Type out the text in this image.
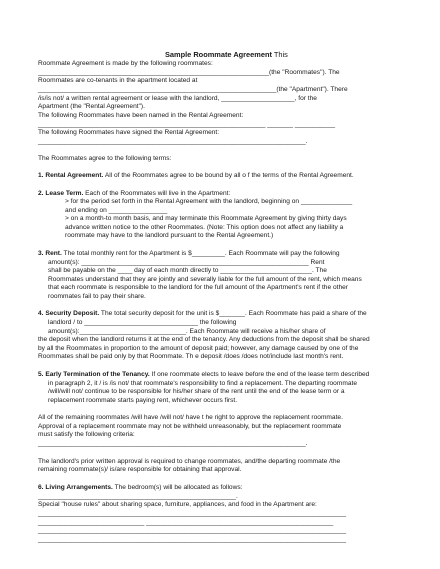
Sample Roommate Agreement This
Roommate Agreement is made by the following roommates:
_______________________________________________________________(the "Roommates"). The
Roommates are co-tenants in the apartment located at
_________________________________________________________________(the "Apartment"). There
/is/is not/ a written rental agreement or lease with the landlord, ____________________, for the
Apartment (the "Rental Agreement").
The following Roommates have been named in the Rental Agreement:
______________________________________________________________ _______ ___________
The following Roommates have signed the Rental Agreement:
_________________________________________________________________________.
The Roommates agree to the following terms:
1. Rental Agreement. All of the Roommates agree to be bound by all o f the terms of the Rental Agreement.
2. Lease Term. Each of the Roommates will live in the Apartment:
> for the period set forth in the Rental Agreement with the landlord, beginning on ______________
and ending on ________________
> on a month-to month basis, and may terminate this Roommate Agreement by giving thirty days
advance written notice to the other Roommates. (Note: This option does not affect any liability a
roommate may have to the landlord pursuant to the Rental Agreement.)
3. Rent. The total monthly rent for the Apartment is $_________. Each Roommate will pay the following
amount(s): ______________________________________________________________ Rent
shall be payable on the ____ day of each month directly to _________________________. The
Roommates understand that they are jointly and severally liable for the full amount of the rent, which means
that each roommate is responsible to the landlord for the full amount of the Apartment's rent if the other
roommates fail to pay their share.
4. Security Deposit. The total security deposit for the unit is $_______. Each Roommate has paid a share of the
landlord / to _______________________________ the following
amount(s):_____________________________. Each Roommate will receive a his/her share of
the deposit when the landlord returns it at the end of the tenancy. Any deductions from the deposit shall be shared
by all the Roommates in proportion to the amount of deposit paid; however, any damage caused by one of the
Roommates shall be paid only by that Roommate. Th e deposit /does /does not/include last month's rent.
5. Early Termination of the Tenancy. If one roommate elects to leave before the end of the lease term described
in paragraph 2, it / is /is not/ that roommate's responsibility to find a replacement. The departing roommate
/will/will not/ continue to be responsible for his/her share of the rent until the end of the lease term or a
replacement roommate starts paying rent, whichever occurs first.
All of the remaining roommates /will have /will not/ have t he right to approve the replacement roommate.
Approval of a replacement roommate may not be withheld unreasonably, but the replacement roommate
must satisfy the following criteria:
_________________________________________________________________________.
The landlord's prior written approval is required to change roommates, and/the departing roommate /the
remaining roommate(s)/ is/are responsible for obtaining that approval.
6. Living Arrangements. The bedroom(s) will be allocated as follows:
______________________________________________________.
Special "house rules" about sharing space, furniture, appliances, and food in the Apartment are:
____________________________________________________________________________________
_____________________________ ___________________________________________________
____________________________________________________________________________________
____________________________________________________________________________________
